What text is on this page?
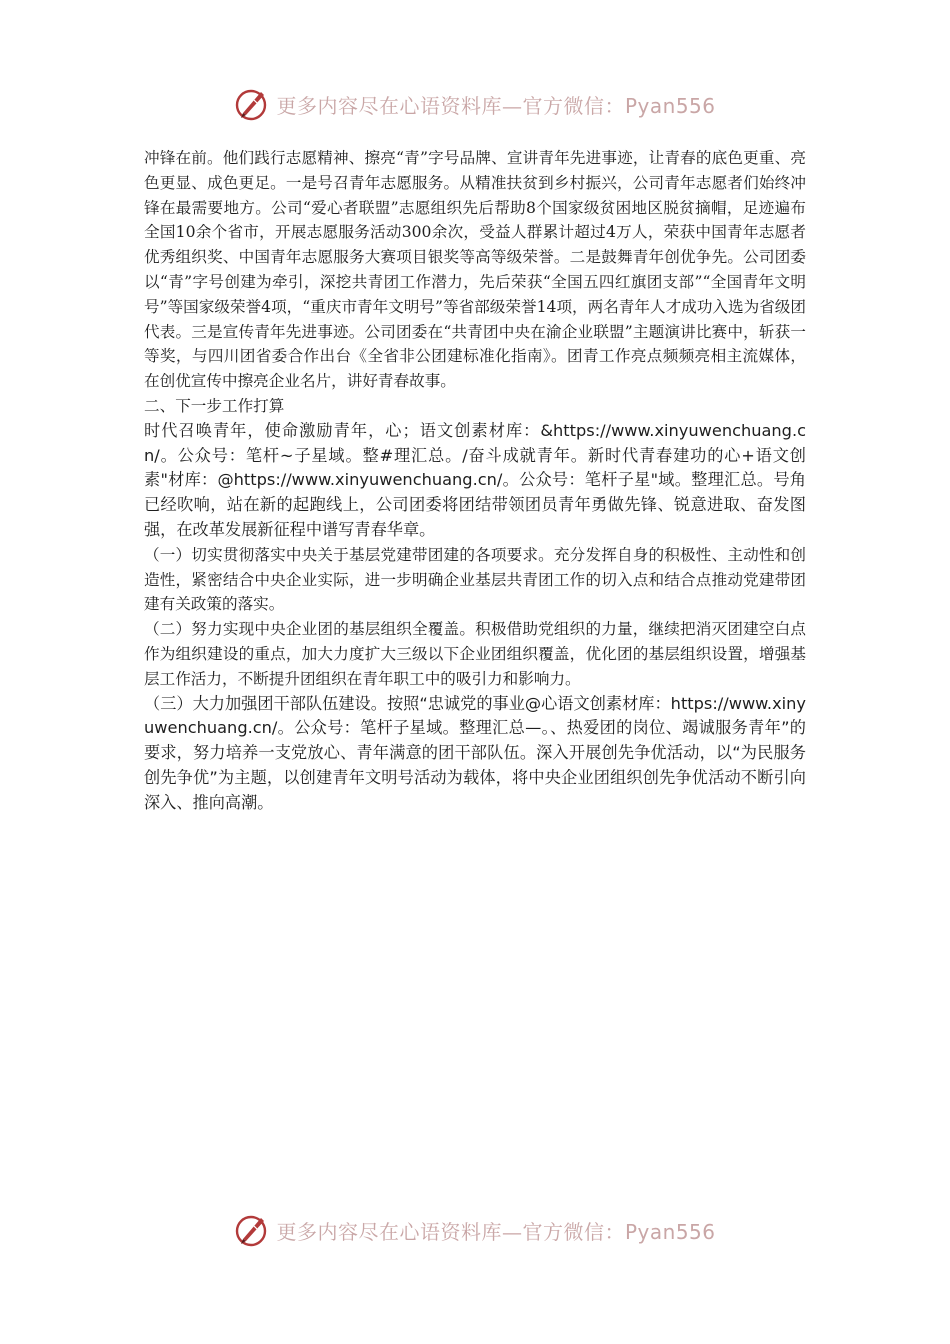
更多内容尽在心语资料库—官方微信：Pyan556

冲锋在前。他们践行志愿精神、擦亮“青”字号品牌、宣讲青年先进事迹，让青春的底色更重、亮色更显、成色更足。一是号召青年志愿服务。从精准扶贫到乡村振兴，公司青年志愿者们始终冲锋在最需要地方。公司“爱心者联盟”志愿组织先后帮助8个国家级贫困地区脱贫摘帽，足迹遍布全国10余个省市，开展志愿服务活动300余次，受益人群累计超过4万人，荣获中国青年志愿者优秀组织奖、中国青年志愿服务大赛项目银奖等高等级荣誉。二是鼓舞青年创优争先。公司团委以“青”字号创建为牵引，深挖共青团工作潜力，先后荣获“全国五四红旗团支部”“全国青年文明号”等国家级荣誉4项，“重庆市青年文明号”等省部级荣誉14项，两名青年人才成功入选为省级团代表。三是宣传青年先进事迹。公司团委在“共青团中央在渝企业联盟”主题演讲比赛中，斩获一等奖，与四川团省委合作出台《全省非公团建标准化指南》。团青工作亮点频频亮相主流媒体，在创优宣传中擦亮企业名片，讲好青春故事。

二、下一步工作打算

时代召唤青年，使命激励青年，心；语文创素材库：&https://www.xinyuwenchuang.cn/。公众号：笔杆~子星域。整#理汇总。/奋斗成就青年。新时代青春建功的心+语文创素"材库：@https://www.xinyuwenchuang.cn/。公众号：笔杆子星"域。整理汇总。号角已经吹响，站在新的起跑线上，公司团委将团结带领团员青年勇做先锋、锐意进取、奋发图强，在改革发展新征程中谱写青春华章。

（一）切实贯彻落实中央关于基层党建带团建的各项要求。充分发挥自身的积极性、主动性和创造性，紧密结合中央企业实际，进一步明确企业基层共青团工作的切入点和结合点推动党建带团建有关政策的落实。

（二）努力实现中央企业团的基层组织全覆盖。积极借助党组织的力量，继续把消灭团建空白点作为组织建设的重点，加大力度扩大三级以下企业团组织覆盖，优化团的基层组织设置，增强基层工作活力，不断提升团组织在青年职工中的吸引力和影响力。

（三）大力加强团干部队伍建设。按照“忠诚党的事业@心语文创素材库：https://www.xinyuwenchuang.cn/。公众号：笔杆子星域。整理汇总—。、热爱团的岗位、竭诚服务青年”的要求，努力培养一支党放心、青年满意的团干部队伍。深入开展创先争优活动，以“为民服务创先争优”为主题，以创建青年文明号活动为载体，将中央企业团组织创先争优活动不断引向深入、推向高潮。

更多内容尽在心语资料库—官方微信：Pyan556
